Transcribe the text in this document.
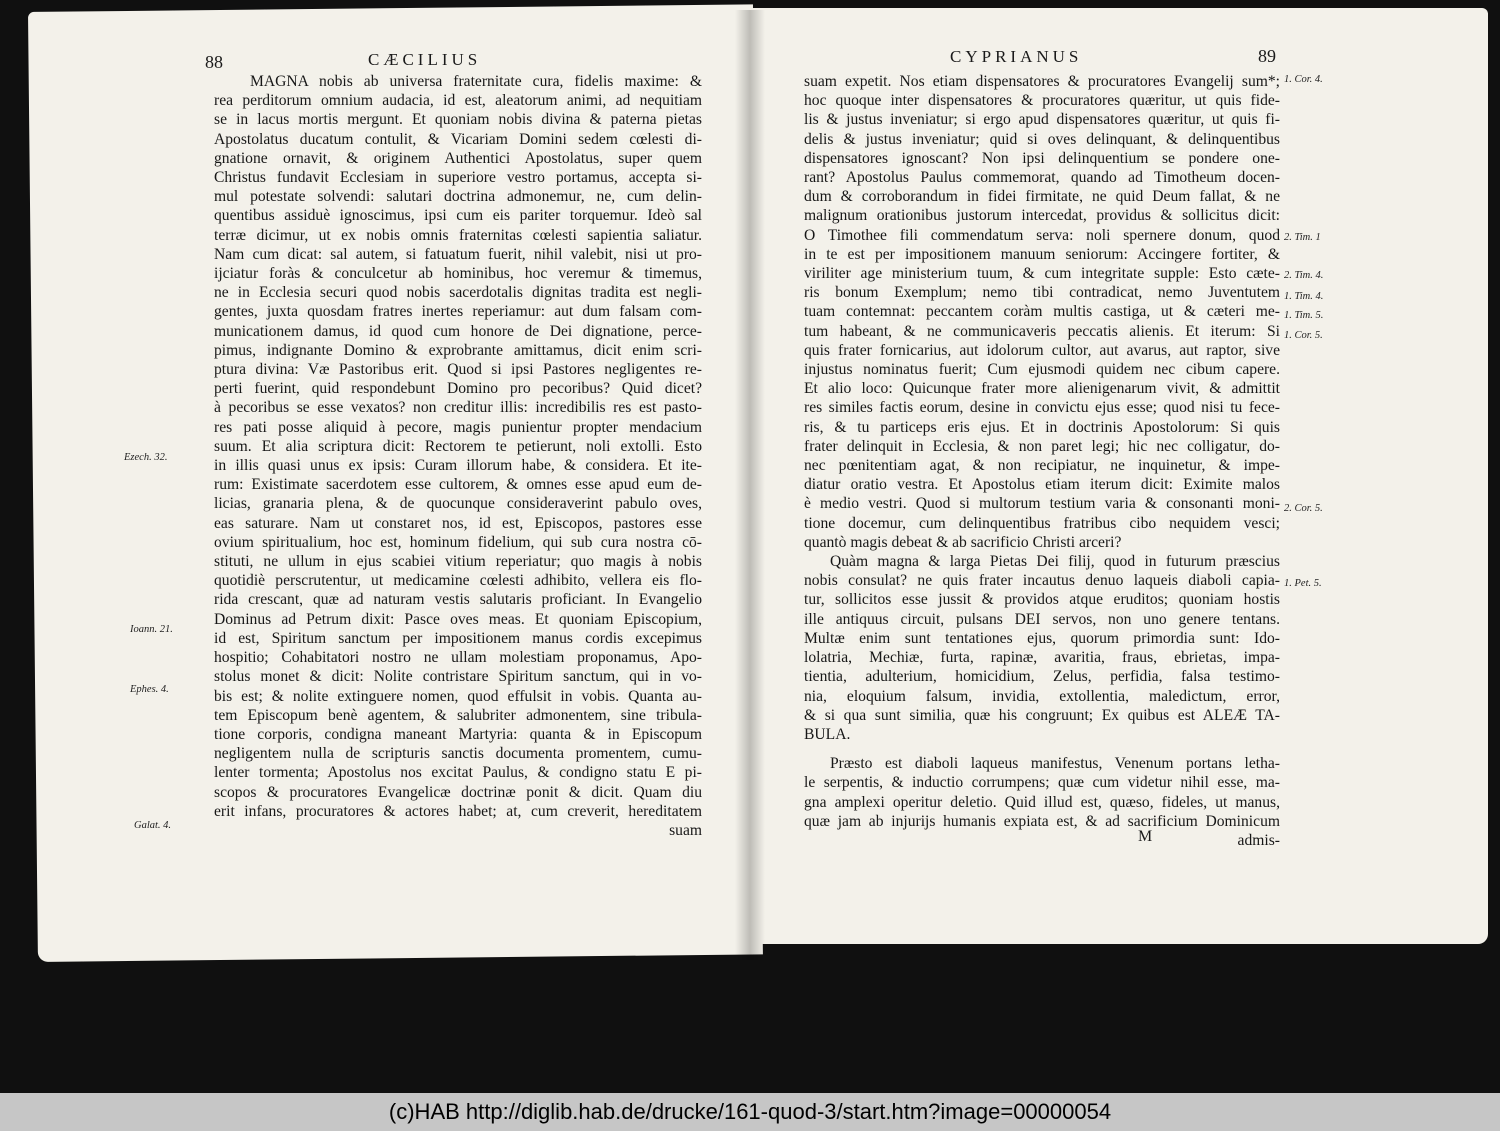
88	CÆCILIUS	89
CYPRIANUS
MAGNA nobis ab universa fraternitate cura, fidelis maxime: &
rea perditorum omnium audacia, id est, aleatorum animi, ad nequitiam
se in lacus mortis mergunt. Et quoniam nobis divina & paterna pietas
Apostolatus ducatum contulit, & Vicariam Domini sedem cœlesti di-
gnatione ornavit, & originem Authentici Apostolatus, super quem
Christus fundavit Ecclesiam in superiore vestro portamus, accepta si-
mul potestate solvendi: salutari doctrina admonemur, ne, cum delin-
quentibus assiduè ignoscimus, ipsi cum eis pariter torquemur. Ideò sal
terræ dicimur, ut ex nobis omnis fraternitas cœlesti sapientia saliatur.
Nam cum dicat: sal autem, si fatuatum fuerit, nihil valebit, nisi ut pro-
ijciatur foràs & conculcetur ab hominibus, hoc veremur & timemus,
ne in Ecclesia securi quod nobis sacerdotalis dignitas tradita est negli-
gentes, juxta quosdam fratres inertes reperiamur: aut dum falsam com-
municationem damus, id quod cum honore de Dei dignatione, perce-
pimus, indignante Domino & exprobrante amittamus, dicit enim scri-
ptura divina: Væ Pastoribus erit. Quod si ipsi Pastores negligentes re-
perti fuerint, quid respondebunt Domino pro pecoribus? Quid dicet?
à pecoribus se esse vexatos? non creditur illis: incredibilis res est pasto-
res pati posse aliquid à pecore, magis punientur propter mendacium
suum. Et alia scriptura dicit: Rectorem te petierunt, noli extolli. Esto
in illis quasi unus ex ipsis: Curam illorum habe, & considera. Et ite-
rum: Existimate sacerdotem esse cultorem, & omnes esse apud eum de-
licias, granaria plena, & de quocunque consideraverint pabulo oves,
eas saturare. Nam ut constaret nos, id est, Episcopos, pastores esse
ovium spiritualium, hoc est, hominum fidelium, qui sub cura nostra cō-
stituti, ne ullum in ejus scabiei vitium reperiatur; quo magis à nobis
quotidiè perscrutentur, ut medicamine cœlesti adhibito, vellera eis flo-
rida crescant, quæ ad naturam vestis salutaris proficiant. In Evangelio
Dominus ad Petrum dixit: Pasce oves meas. Et quoniam Episcopium,
id est, Spiritum sanctum per impositionem manus cordis excepimus
hospitio; Cohabitatori nostro ne ullam molestiam proponamus, Apo-
stolus monet & dicit: Nolite contristare Spiritum sanctum, qui in vo-
bis est; & nolite extinguere nomen, quod effulsit in vobis. Quanta au-
tem Episcopum benè agentem, & salubriter admonentem, sine tribula-
tione corporis, condigna maneant Martyria: quanta & in Episcopum
negligentem nulla de scripturis sanctis documenta promentem, cumu-
lenter tormenta; Apostolus nos excitat Paulus, & condigno statu E pi-
scopos & procuratores Evangelicæ doctrinæ ponit & dicit. Quam diu
erit infans, procuratores & actores habet; at, cum creverit, hereditatem
suam
Ezech. 32.
Ioann. 21.
Ephes. 4.
Galat. 4.
suam expetit. Nos etiam dispensatores & procuratores Evangelij sum*;
hoc quoque inter dispensatores & procuratores quæritur, ut quis fide-
lis & justus inveniatur; si ergo apud dispensatores quæritur, ut quis fi-
delis & justus inveniatur; quid si oves delinquant, & delinquentibus
dispensatores ignoscant? Non ipsi delinquentium se pondere one-
rant? Apostolus Paulus commemorat, quando ad Timotheum docen-
dum & corroborandum in fidei firmitate, ne quid Deum fallat, & ne
malignum orationibus justorum intercedat, providus & sollicitus dicit:
O Timothee fili commendatum serva: noli spernere donum, quod
in te est per impositionem manuum seniorum: Accingere fortiter, &
viriliter age ministerium tuum, & cum integritate supple: Esto cæte-
ris bonum Exemplum; nemo tibi contradicat, nemo Juventutem
tuam contemnat: peccantem coràm multis castiga, ut & cæteri me-
tum habeant, & ne communicaveris peccatis alienis. Et iterum: Si
quis frater fornicarius, aut idolorum cultor, aut avarus, aut raptor, sive
injustus nominatus fuerit; Cum ejusmodi quidem nec cibum capere.
Et alio loco: Quicunque frater more alienigenarum vivit, & admittit
res similes factis eorum, desine in convictu ejus esse; quod nisi tu fece-
ris, & tu particeps eris ejus. Et in doctrinis Apostolorum: Si quis
frater delinquit in Ecclesia, & non paret legi; hic nec colligatur, do-
nec pœnitentiam agat, & non recipiatur, ne inquinetur, & impe-
diatur oratio vestra. Et Apostolus etiam iterum dicit: Eximite malos
è medio vestri. Quod si multorum testium varia & consonanti moni-
tione docemur, cum delinquentibus fratribus cibo nequidem vesci;
quantò magis debeat & ab sacrificio Christi arceri?
Quàm magna & larga Pietas Dei filij, quod in futurum præscius
nobis consulat? ne quis frater incautus denuo laqueis diaboli capia-
tur, sollicitos esse jussit & providos atque eruditos; quoniam hostis
ille antiquus circuit, pulsans DEI servos, non uno genere tentans.
Multæ enim sunt tentationes ejus, quorum primordia sunt: Ido-
lolatria, Mechiæ, furta, rapinæ, avaritia, fraus, ebrietas, impa-
tientia, adulterium, homicidium, Zelus, perfidia, falsa testimo-
nia, eloquium falsum, invidia, extollentia, maledictum, error,
& si qua sunt similia, quæ his congruunt; Ex quibus est ALEÆ TA-
BULA.
Præsto est diaboli laqueus manifestus, Venenum portans letha-
le serpentis, & inductio corrumpens; quæ cum videtur nihil esse, ma-
gna amplexi operitur deletio. Quid illud est, quæso, fideles, ut manus,
quæ jam ab injurijs humanis expiata est, & ad sacrificium Dominicum
admis-
M
1. Cor. 4.
2. Tim. 1
2. Tim. 4.
1. Tim. 4.
1. Tim. 5.
1. Cor. 5.
2. Cor. 5.
1. Pet. 5.
(c)HAB http://diglib.hab.de/drucke/161-quod-3/start.htm?image=00000054
